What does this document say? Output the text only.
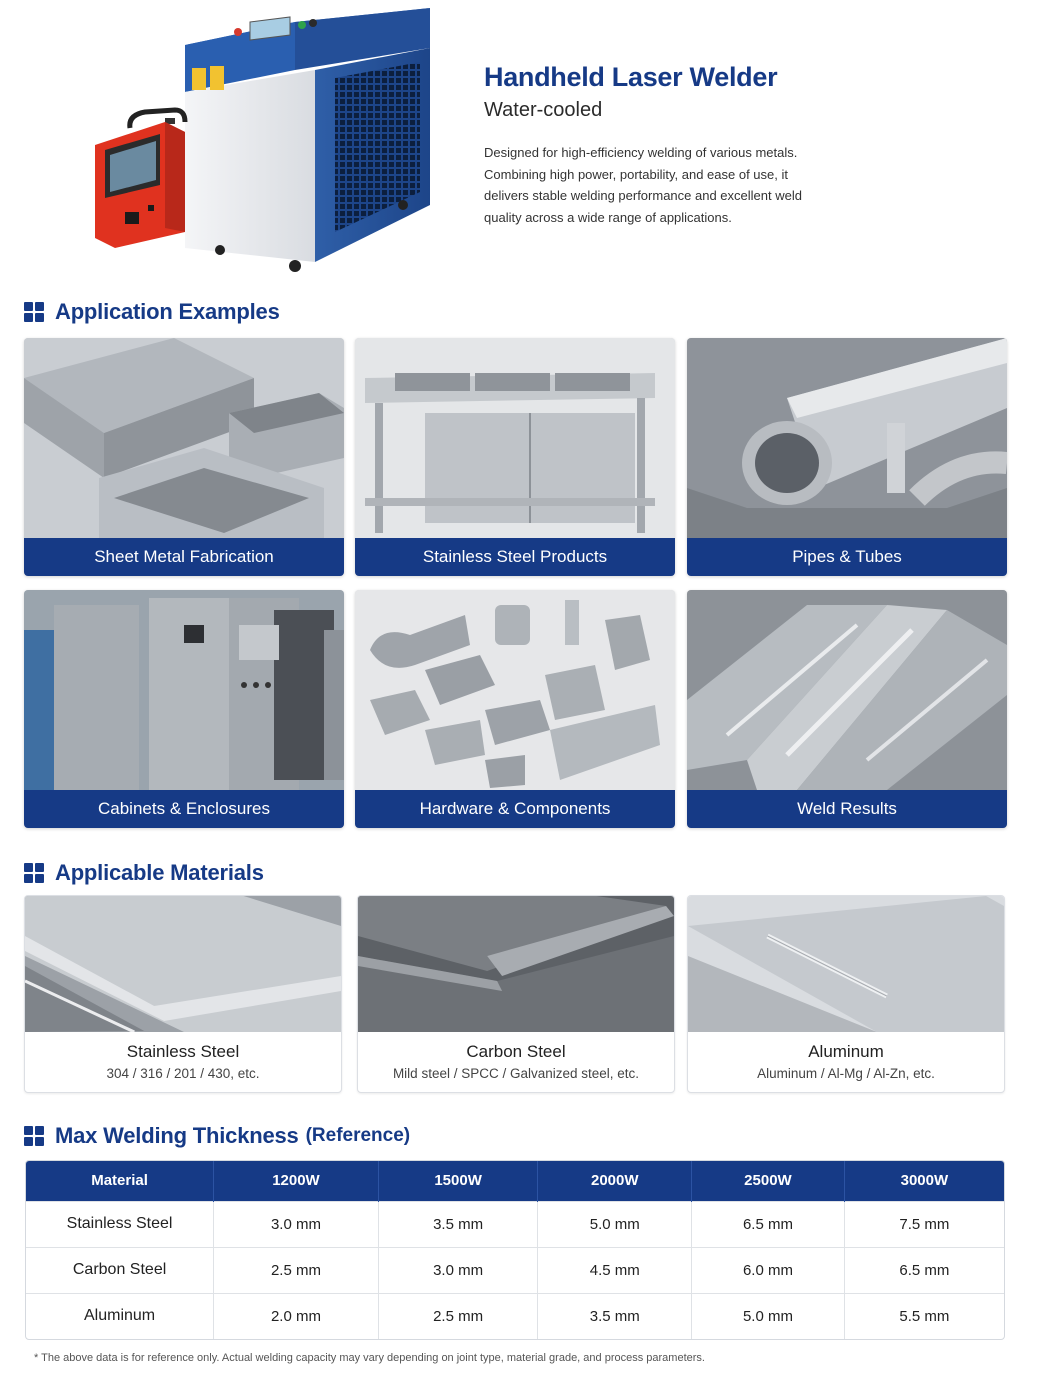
Handheld Laser Welder
Water-cooled
Designed for high-efficiency welding of various metals. Combining high power, portability, and ease of use, it delivers stable welding performance and excellent weld quality across a wide range of applications.
Application Examples
Sheet Metal Fabrication	Stainless Steel Products	Pipes & Tubes
Cabinets & Enclosures	Hardware & Components	Weld Results
Applicable Materials
Stainless Steel
304 / 316 / 201 / 430, etc.
Carbon Steel
Mild steel / SPCC / Galvanized steel, etc.
Aluminum
Aluminum / Al-Mg / Al-Zn, etc.
Max Welding Thickness (Reference)
Material	1200W	1500W	2000W	2500W	3000W
Stainless Steel	3.0 mm	3.5 mm	5.0 mm	6.5 mm	7.5 mm
Carbon Steel	2.5 mm	3.0 mm	4.5 mm	6.0 mm	6.5 mm
Aluminum	2.0 mm	2.5 mm	3.5 mm	5.0 mm	5.5 mm
* The above data is for reference only. Actual welding capacity may vary depending on joint type, material grade, and process parameters.
